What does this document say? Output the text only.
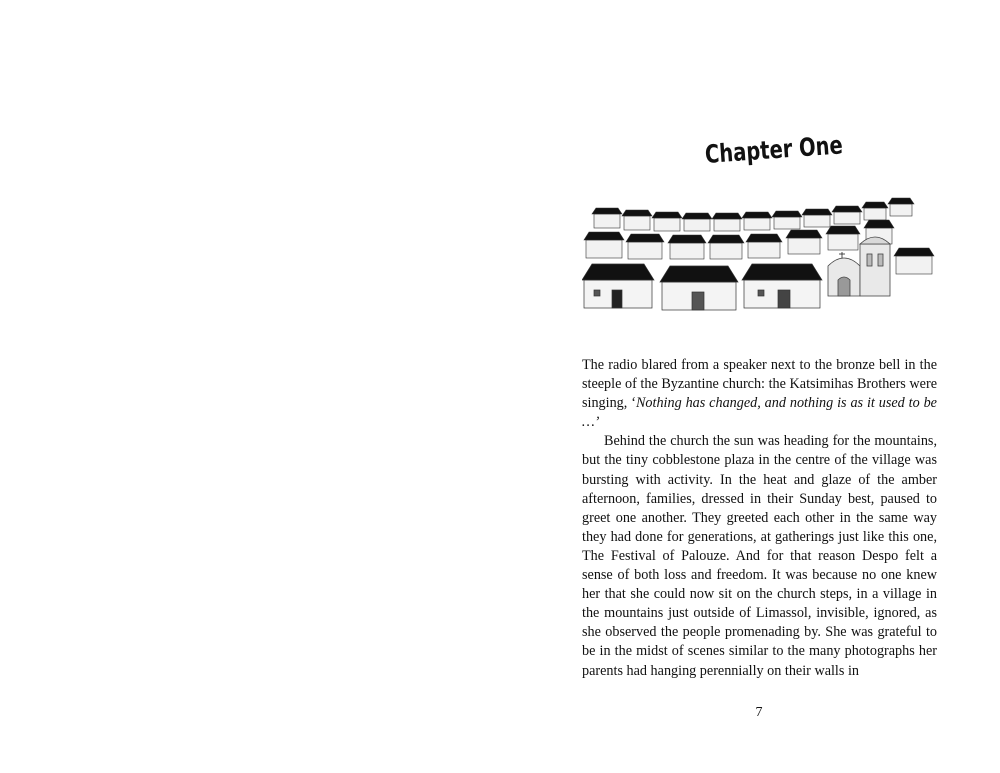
Chapter One

The radio blared from a speaker next to the bronze bell in the steeple of the Byzantine church: the Katsimihas Brothers were singing, ‘Nothing has changed, and nothing is as it used to be …’

Behind the church the sun was heading for the mountains, but the tiny cobblestone plaza in the centre of the village was bursting with activity. In the heat and glaze of the amber afternoon, families, dressed in their Sunday best, paused to greet one another. They greeted each other in the same way they had done for generations, at gatherings just like this one, The Festival of Palouze. And for that reason Despo felt a sense of both loss and freedom. It was because no one knew her that she could now sit on the church steps, in a village in the mountains just outside of Limassol, invisible, ignored, as she observed the people promenading by. She was grateful to be in the midst of scenes similar to the many photographs her parents had hanging perennially on their walls in

7
